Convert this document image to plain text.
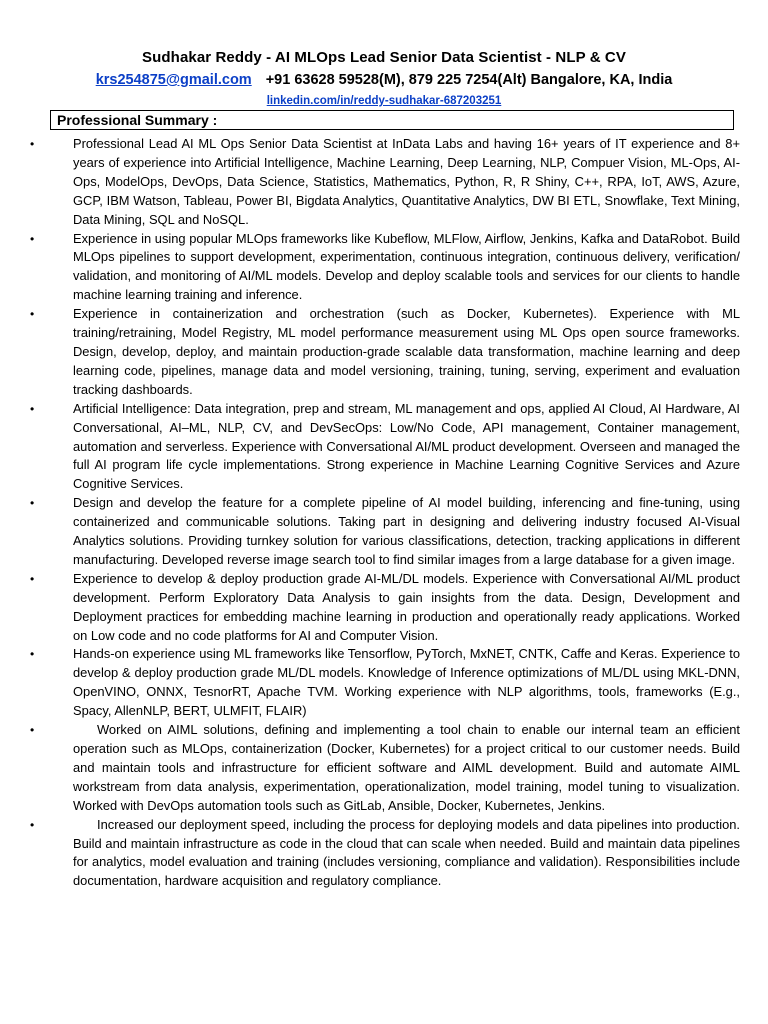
Sudhakar Reddy - AI MLOps Lead Senior Data Scientist - NLP & CV
krs254875@gmail.com +91 63628 59528(M), 879 225 7254(Alt) Bangalore, KA, India
linkedin.com/in/reddy-sudhakar-687203251
Professional Summary :
•	Professional Lead AI ML Ops Senior Data Scientist at InData Labs and having 16+ years of IT experience and 8+ years of experience into Artificial Intelligence, Machine Learning, Deep Learning, NLP, Compuer Vision, ML-Ops, AI-Ops, ModelOps, DevOps, Data Science, Statistics, Mathematics, Python, R, R Shiny, C++, RPA, IoT, AWS, Azure, GCP, IBM Watson, Tableau, Power BI, Bigdata Analytics, Quantitative Analytics, DW BI ETL, Snowflake, Text Mining, Data Mining, SQL and NoSQL.
•	Experience in using popular MLOps frameworks like Kubeflow, MLFlow, Airflow, Jenkins, Kafka and DataRobot. Build MLOps pipelines to support development, experimentation, continuous integration, continuous delivery, verification/ validation, and monitoring of AI/ML models. Develop and deploy scalable tools and services for our clients to handle machine learning training and inference.
•	Experience in containerization and orchestration (such as Docker, Kubernetes). Experience with ML training/retraining, Model Registry, ML model performance measurement using ML Ops open source frameworks. Design, develop, deploy, and maintain production-grade scalable data transformation, machine learning and deep learning code, pipelines, manage data and model versioning, training, tuning, serving, experiment and evaluation tracking dashboards.
•	Artificial Intelligence: Data integration, prep and stream, ML management and ops, applied AI Cloud, AI Hardware, AI Conversational, AI–ML, NLP, CV, and DevSecOps: Low/No Code, API management, Container management, automation and serverless. Experience with Conversational AI/ML product development. Overseen and managed the full AI program life cycle implementations. Strong experience in Machine Learning Cognitive Services and Azure Cognitive Services.
•	Design and develop the feature for a complete pipeline of AI model building, inferencing and fine-tuning, using containerized and communicable solutions. Taking part in designing and delivering industry focused AI-Visual Analytics solutions. Providing turnkey solution for various classifications, detection, tracking applications in different manufacturing. Developed reverse image search tool to find similar images from a large database for a given image.
•	Experience to develop & deploy production grade AI-ML/DL models. Experience with Conversational AI/ML product development. Perform Exploratory Data Analysis to gain insights from the data. Design, Development and Deployment practices for embedding machine learning in production and operationally ready applications. Worked on Low code and no code platforms for AI and Computer Vision.
•	Hands-on experience using ML frameworks like Tensorflow, PyTorch, MxNET, CNTK, Caffe and Keras. Experience to develop & deploy production grade ML/DL models. Knowledge of Inference optimizations of ML/DL using MKL-DNN, OpenVINO, ONNX, TesnorRT, Apache TVM. Working experience with NLP algorithms, tools, frameworks (E.g., Spacy, AllenNLP, BERT, ULMFIT, FLAIR)
•	Worked on AIML solutions, defining and implementing a tool chain to enable our internal team an efficient operation such as MLOps, containerization (Docker, Kubernetes) for a project critical to our customer needs. Build and maintain tools and infrastructure for efficient software and AIML development. Build and automate AIML workstream from data analysis, experimentation, operationalization, model training, model tuning to visualization. Worked with DevOps automation tools such as GitLab, Ansible, Docker, Kubernetes, Jenkins.
•	Increased our deployment speed, including the process for deploying models and data pipelines into production. Build and maintain infrastructure as code in the cloud that can scale when needed. Build and maintain data pipelines for analytics, model evaluation and training (includes versioning, compliance and validation). Responsibilities include documentation, hardware acquisition and regulatory compliance.
